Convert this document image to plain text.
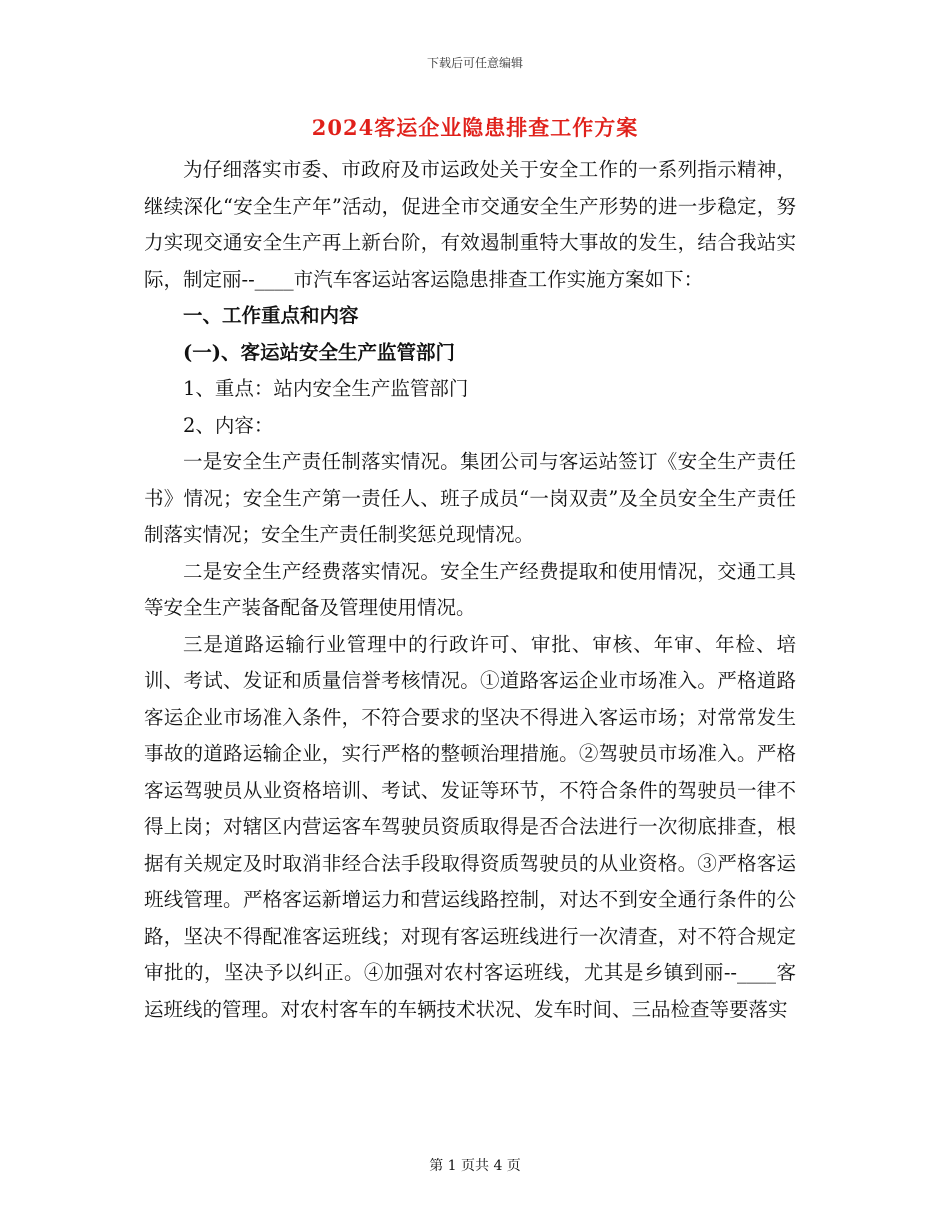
下载后可任意编辑
2024客运企业隐患排查工作方案

为仔细落实市委、市政府及市运政处关于安全工作的一系列指示精神，继续深化“安全生产年”活动，促进全市交通安全生产形势的进一步稳定，努力实现交通安全生产再上新台阶，有效遏制重特大事故的发生，结合我站实际，制定丽--____市汽车客运站客运隐患排查工作实施方案如下：

一、工作重点和内容

(一)、客运站安全生产监管部门

1、重点：站内安全生产监管部门

2、内容：

一是安全生产责任制落实情况。集团公司与客运站签订《安全生产责任书》情况；安全生产第一责任人、班子成员“一岗双责”及全员安全生产责任制落实情况；安全生产责任制奖惩兑现情况。

二是安全生产经费落实情况。安全生产经费提取和使用情况，交通工具等安全生产装备配备及管理使用情况。

三是道路运输行业管理中的行政许可、审批、审核、年审、年检、培训、考试、发证和质量信誉考核情况。①道路客运企业市场准入。严格道路客运企业市场准入条件，不符合要求的坚决不得进入客运市场；对常常发生事故的道路运输企业，实行严格的整顿治理措施。②驾驶员市场准入。严格客运驾驶员从业资格培训、考试、发证等环节，不符合条件的驾驶员一律不得上岗；对辖区内营运客车驾驶员资质取得是否合法进行一次彻底排查，根据有关规定及时取消非经合法手段取得资质驾驶员的从业资格。③严格客运班线管理。严格客运新增运力和营运线路控制，对达不到安全通行条件的公路，坚决不得配准客运班线；对现有客运班线进行一次清查，对不符合规定审批的，坚决予以纠正。④加强对农村客运班线，尤其是乡镇到丽--____客运班线的管理。对农村客车的车辆技术状况、发车时间、三品检查等要落实

第 1 页共 4 页
